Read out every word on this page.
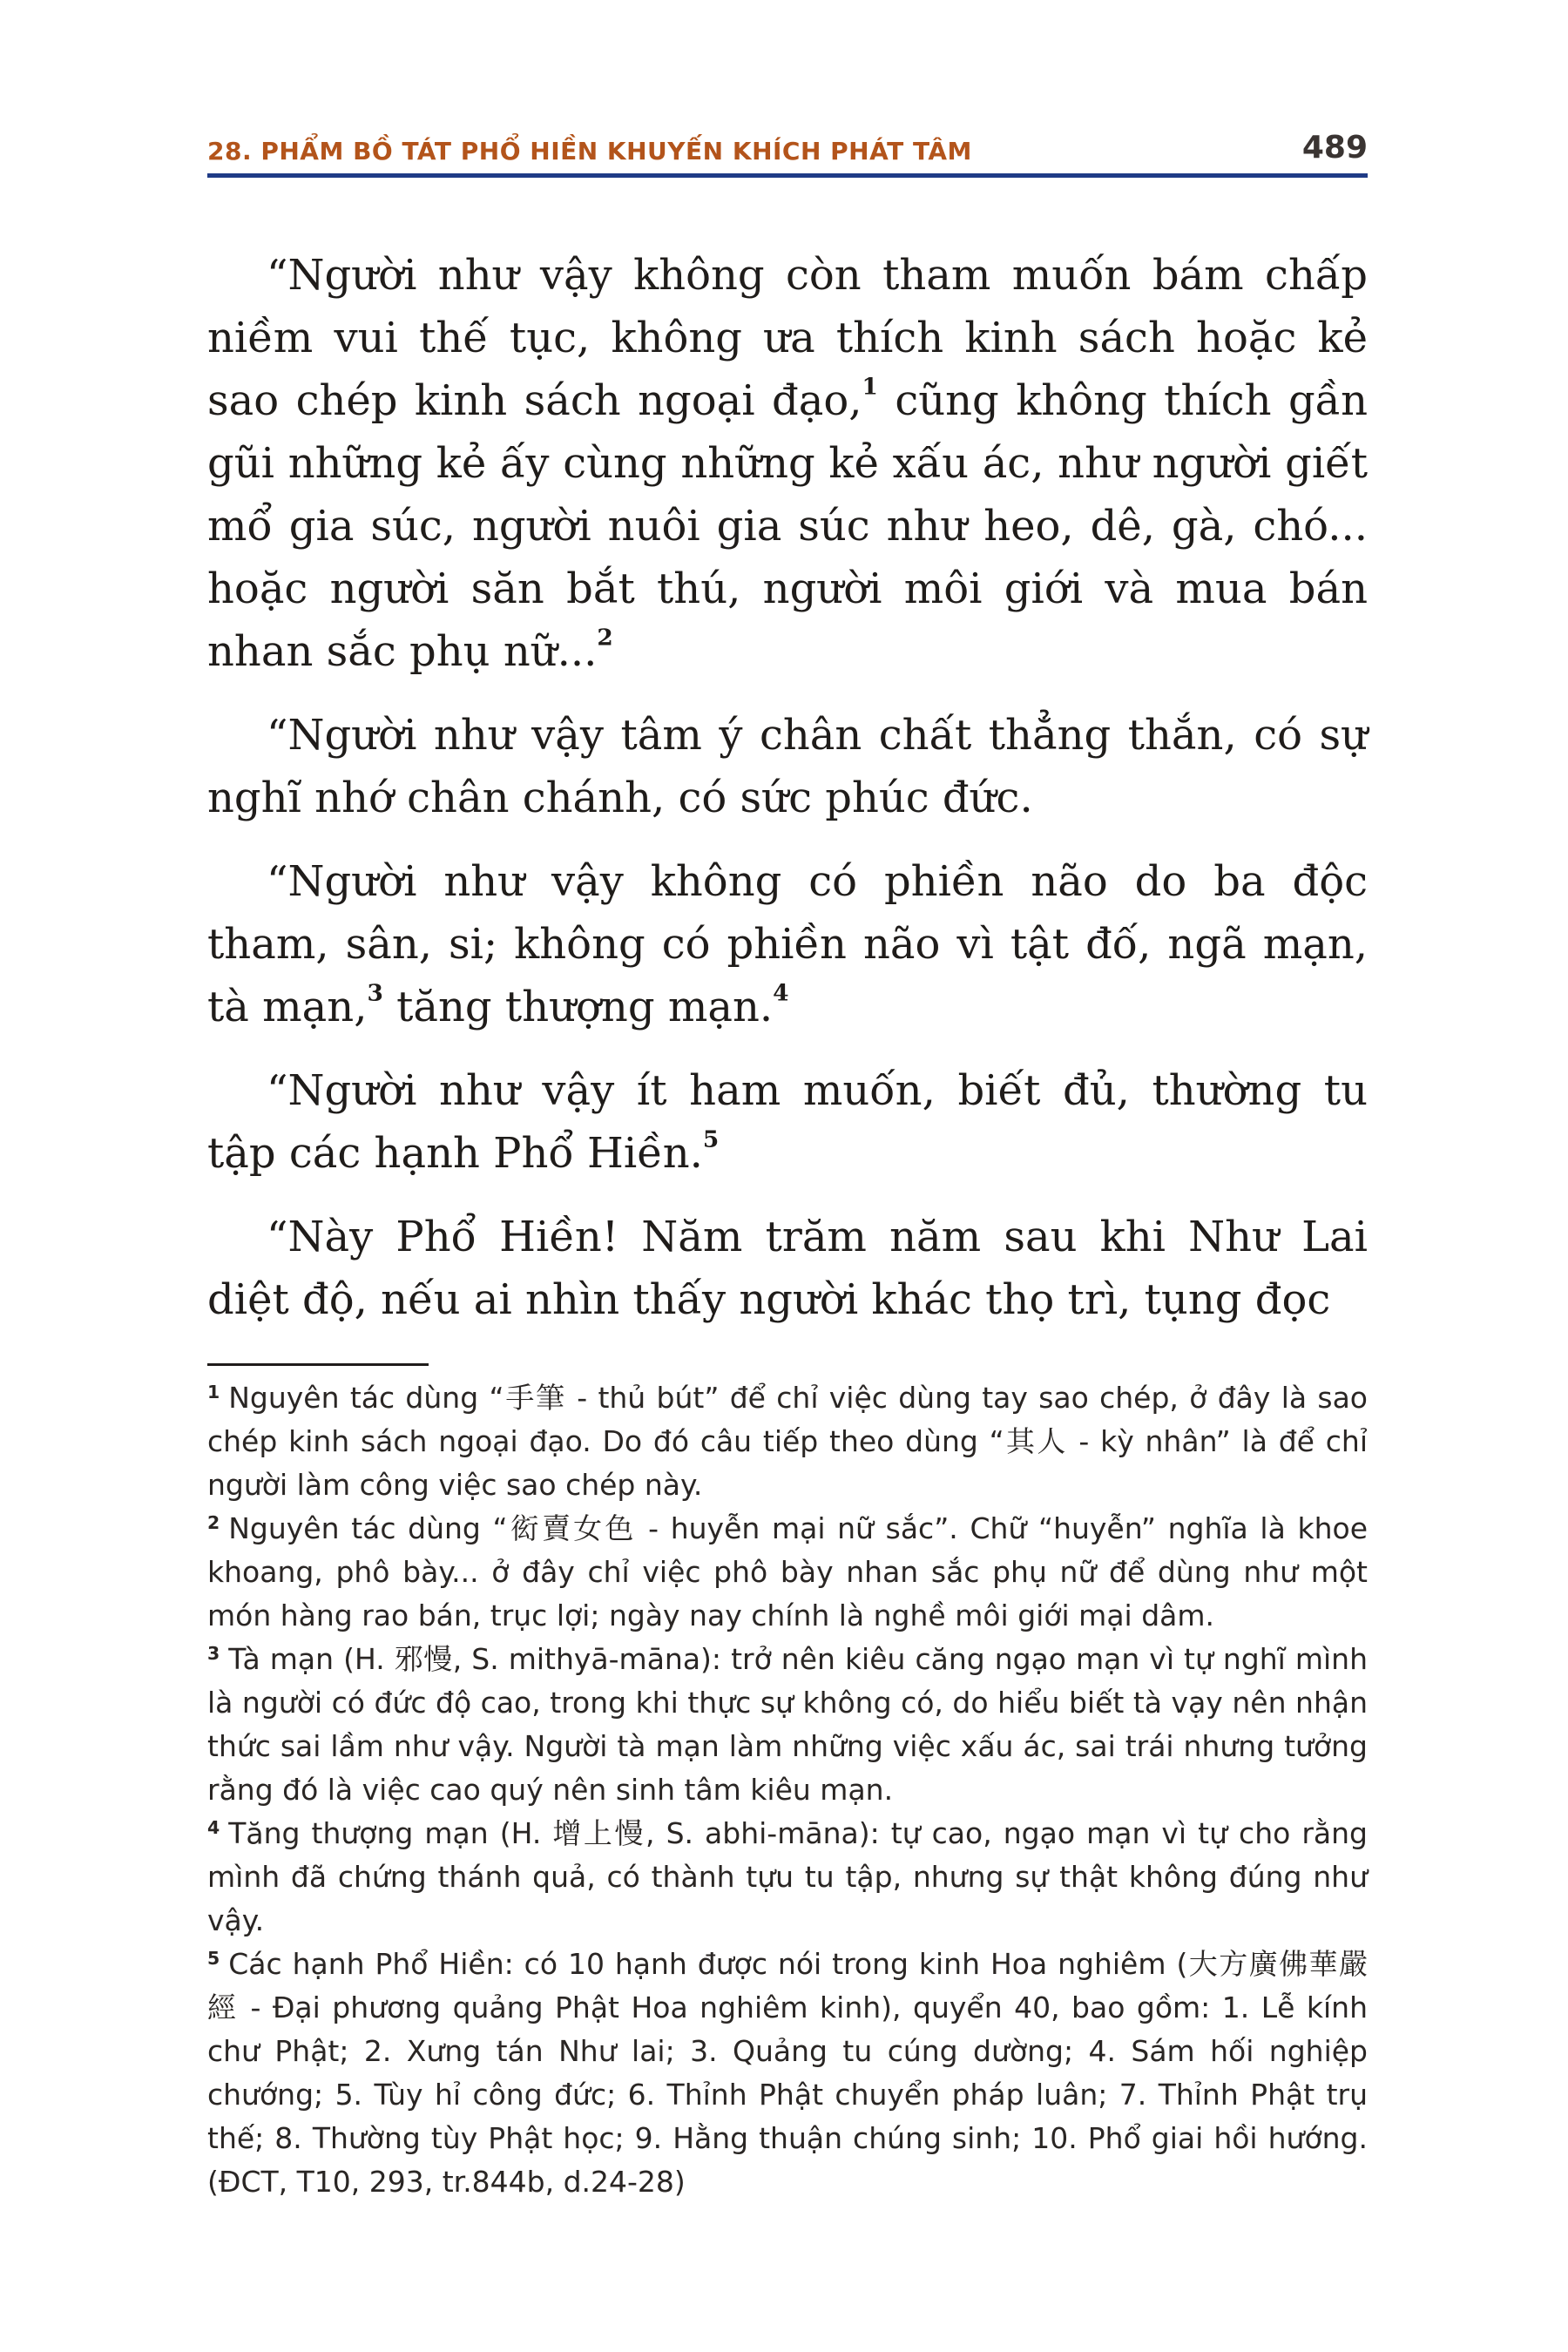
28. PHẨM BỒ TÁT PHỔ HIỀN KHUYẾN KHÍCH PHÁT TÂM	489

“Người như vậy không còn tham muốn bám chấp niềm vui thế tục, không ưa thích kinh sách hoặc kẻ sao chép kinh sách ngoại đạo,$^1$ cũng không thích gần gũi những kẻ ấy cùng những kẻ xấu ác, như người giết mổ gia súc, người nuôi gia súc như heo, dê, gà, chó... hoặc người săn bắt thú, người môi giới và mua bán nhan sắc phụ nữ...$^2$

“Người như vậy tâm ý chân chất thẳng thắn, có sự nghĩ nhớ chân chánh, có sức phúc đức.

“Người như vậy không có phiền não do ba độc tham, sân, si; không có phiền não vì tật đố, ngã mạn, tà mạn,$^3$ tăng thượng mạn.$^4$

“Người như vậy ít ham muốn, biết đủ, thường tu tập các hạnh Phổ Hiền.$^5$

“Này Phổ Hiền! Năm trăm năm sau khi Như Lai diệt độ, nếu ai nhìn thấy người khác thọ trì, tụng đọc

$^1$ Nguyên tác dùng “手筆 - thủ bút” để chỉ việc dùng tay sao chép, ở đây là sao chép kinh sách ngoại đạo. Do đó câu tiếp theo dùng “其人 - kỳ nhân” là để chỉ người làm công việc sao chép này.

$^2$ Nguyên tác dùng “衒賣女色 - huyễn mại nữ sắc”. Chữ “huyễn” nghĩa là khoe khoang, phô bày... ở đây chỉ việc phô bày nhan sắc phụ nữ để dùng như một món hàng rao bán, trục lợi; ngày nay chính là nghề môi giới mại dâm.

$^3$ Tà mạn (H. 邪慢, S. mithyā-māna): trở nên kiêu căng ngạo mạn vì tự nghĩ mình là người có đức độ cao, trong khi thực sự không có, do hiểu biết tà vạy nên nhận thức sai lầm như vậy. Người tà mạn làm những việc xấu ác, sai trái nhưng tưởng rằng đó là việc cao quý nên sinh tâm kiêu mạn.

$^4$ Tăng thượng mạn (H. 增上慢, S. abhi-māna): tự cao, ngạo mạn vì tự cho rằng mình đã chứng thánh quả, có thành tựu tu tập, nhưng sự thật không đúng như vậy.

$^5$ Các hạnh Phổ Hiền: có 10 hạnh được nói trong kinh Hoa nghiêm (大方廣佛華嚴經 - Đại phương quảng Phật Hoa nghiêm kinh), quyển 40, bao gồm: 1. Lễ kính chư Phật; 2. Xưng tán Như lai; 3. Quảng tu cúng dường; 4. Sám hối nghiệp chướng; 5. Tùy hỉ công đức; 6. Thỉnh Phật chuyển pháp luân; 7. Thỉnh Phật trụ thế; 8. Thường tùy Phật học; 9. Hằng thuận chúng sinh; 10. Phổ giai hồi hướng. (ĐCT, T10, 293, tr.844b, d.24-28)
